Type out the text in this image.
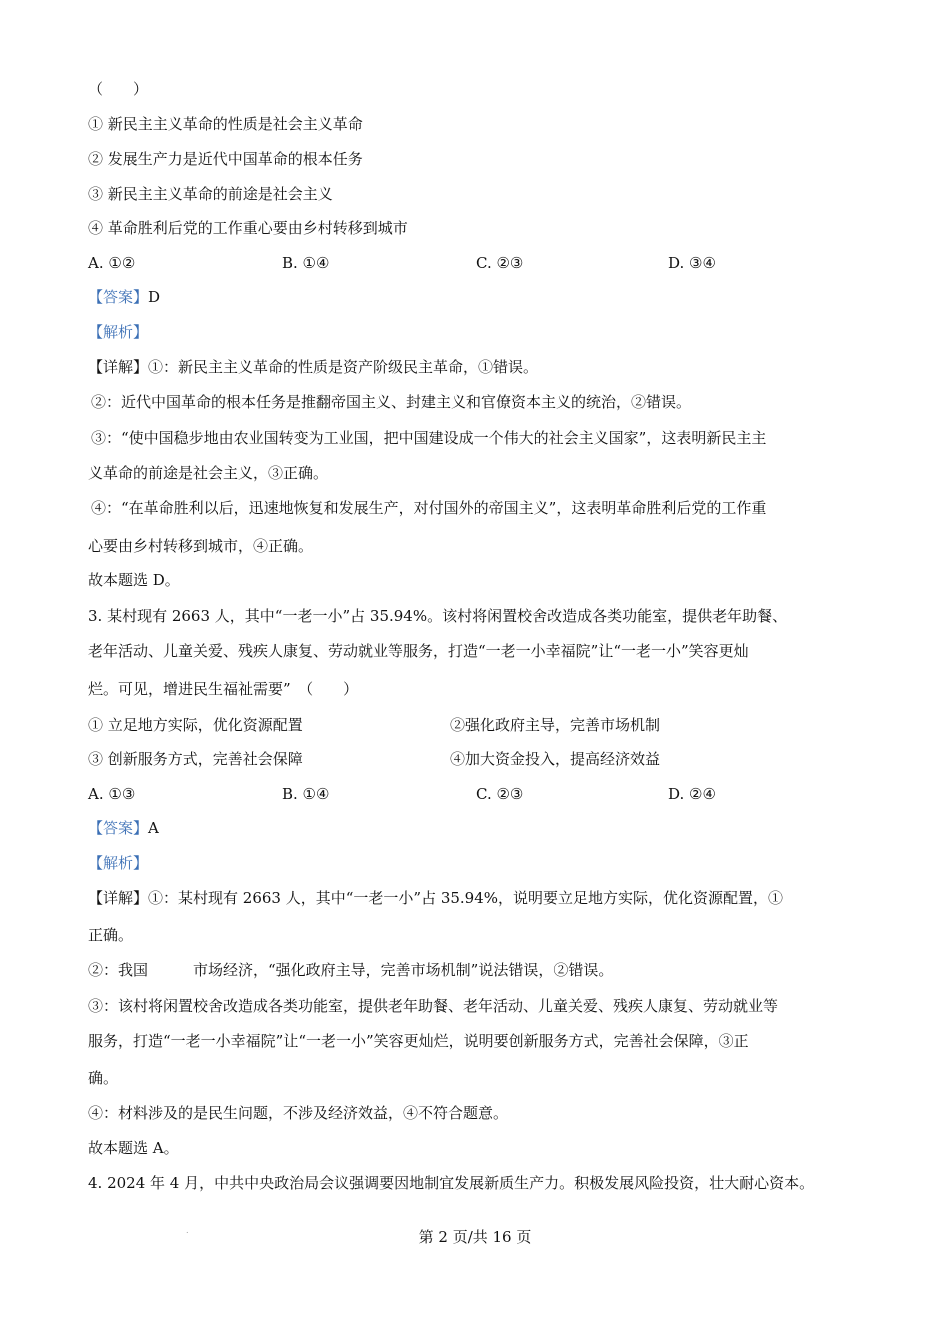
（　　）
① 新民主主义革命的性质是社会主义革命
② 发展生产力是近代中国革命的根本任务
③ 新民主主义革命的前途是社会主义
④ 革命胜利后党的工作重心要由乡村转移到城市
A. ①②	B. ①④	C. ②③	D. ③④
【答案】D
【解析】
【详解】①：新民主主义革命的性质是资产阶级民主革命，①错误。
②：近代中国革命的根本任务是推翻帝国主义、封建主义和官僚资本主义的统治，②错误。
③：“使中国稳步地由农业国转变为工业国，把中国建设成一个伟大的社会主义国家”，这表明新民主主
义革命的前途是社会主义，③正确。
④：“在革命胜利以后，迅速地恢复和发展生产，对付国外的帝国主义”，这表明革命胜利后党的工作重
心要由乡村转移到城市，④正确。
故本题选 D。
3. 某村现有 2663 人，其中“一老一小”占 35.94%。该村将闲置校舍改造成各类功能室，提供老年助餐、
老年活动、儿童关爱、残疾人康复、劳动就业等服务，打造“一老一小幸福院”让“一老一小”笑容更灿
烂。可见，增进民生福祉需要”　（　　）
① 立足地方实际，优化资源配置	②强化政府主导，完善市场机制
③ 创新服务方式，完善社会保障	④加大资金投入，提高经济效益
A. ①③	B. ①④	C. ②③	D. ②④
【答案】A
【解析】
【详解】①：某村现有 2663 人，其中“一老一小”占 35.94%，说明要立足地方实际，优化资源配置，①
正确。
②：我国　　　市场经济，“强化政府主导，完善市场机制”说法错误，②错误。
③：该村将闲置校舍改造成各类功能室，提供老年助餐、老年活动、儿童关爱、残疾人康复、劳动就业等
服务，打造“一老一小幸福院”让“一老一小”笑容更灿烂，说明要创新服务方式，完善社会保障，③正
确。
④：材料涉及的是民生问题，不涉及经济效益，④不符合题意。
故本题选 A。
4. 2024 年 4 月，中共中央政治局会议强调要因地制宜发展新质生产力。积极发展风险投资，壮大耐心资本。
.	第 2 页/共 16 页
